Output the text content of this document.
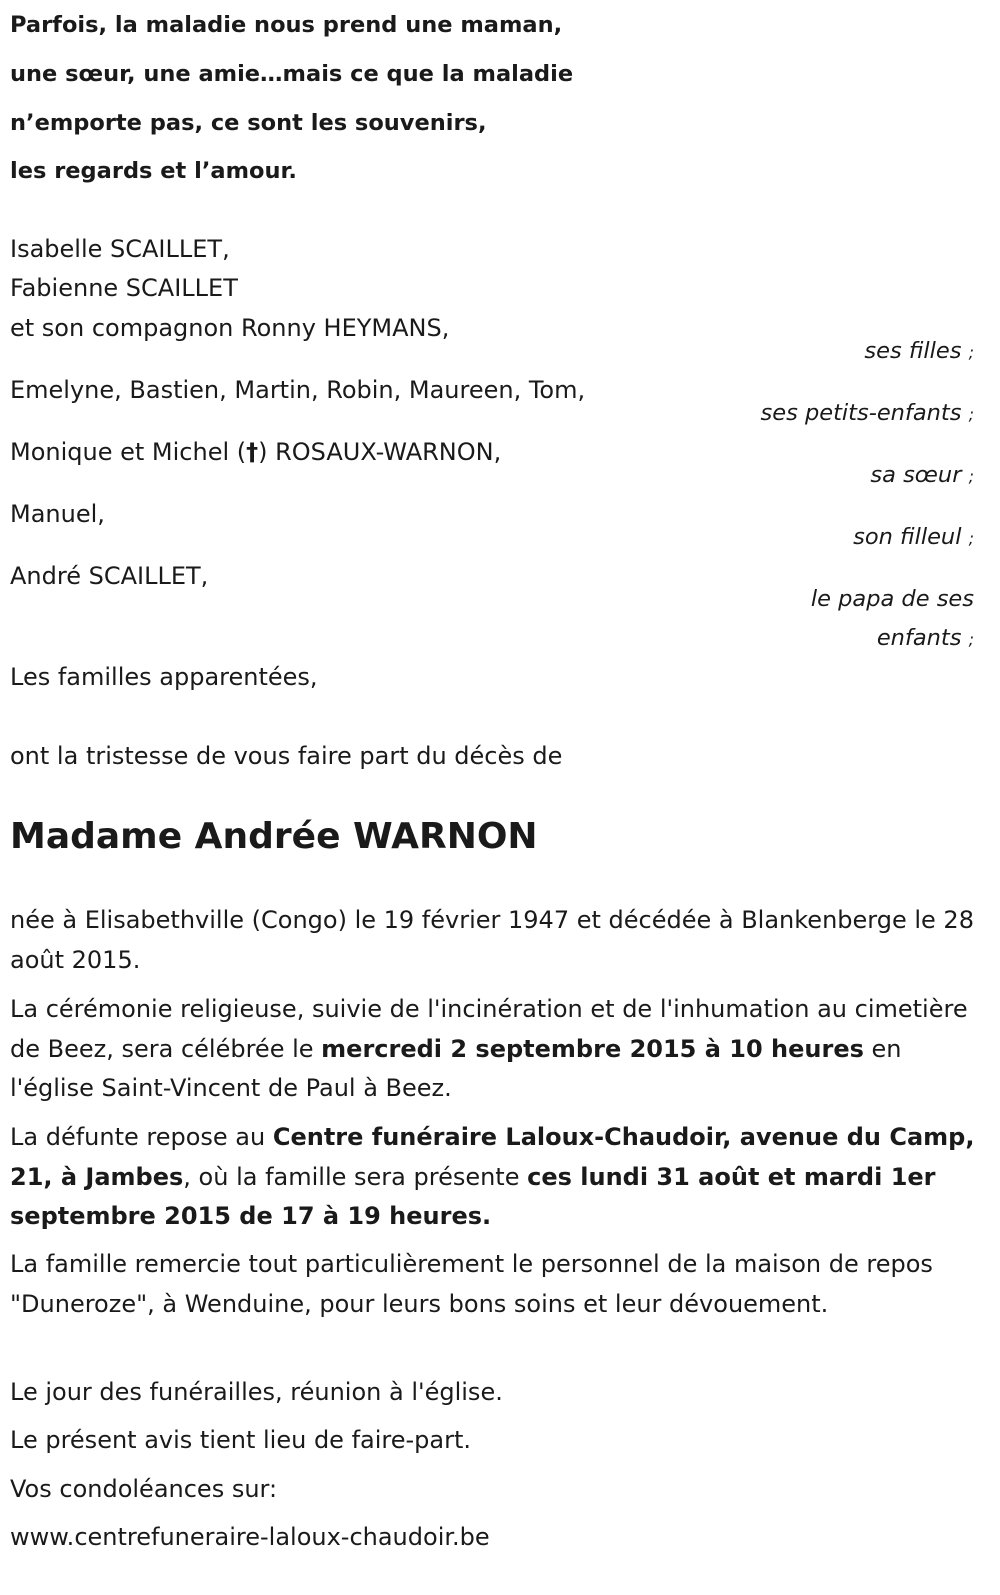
Parfois, la maladie nous prend une maman,
une sœur, une amie…mais ce que la maladie
n’emporte pas, ce sont les souvenirs,
les regards et l’amour.
Isabelle SCAILLET,
Fabienne SCAILLET
et son compagnon Ronny HEYMANS,
ses filles ;
Emelyne, Bastien, Martin, Robin, Maureen, Tom,
ses petits-enfants ;
Monique et Michel (†) ROSAUX-WARNON,
sa sœur ;
Manuel,
son filleul ;
André SCAILLET,
le papa de ses
enfants ;
Les familles apparentées,
ont la tristesse de vous faire part du décès de
Madame Andrée WARNON

née à Elisabethville (Congo) le 19 février 1947 et décédée à Blankenberge le 28 août 2015.

La cérémonie religieuse, suivie de l'incinération et de l'inhumation au cimetière de Beez, sera célébrée le mercredi 2 septembre 2015 à 10 heures en l'église Saint-Vincent de Paul à Beez.

La défunte repose au Centre funéraire Laloux-Chaudoir, avenue du Camp, 21, à Jambes, où la famille sera présente ces lundi 31 août et mardi 1er septembre 2015 de 17 à 19 heures.

La famille remercie tout particulièrement le personnel de la maison de repos "Duneroze", à Wenduine, pour leurs bons soins et leur dévouement.

Le jour des funérailles, réunion à l'église.

Le présent avis tient lieu de faire-part.

Vos condoléances sur:

www.centrefuneraire-laloux-chaudoir.be
